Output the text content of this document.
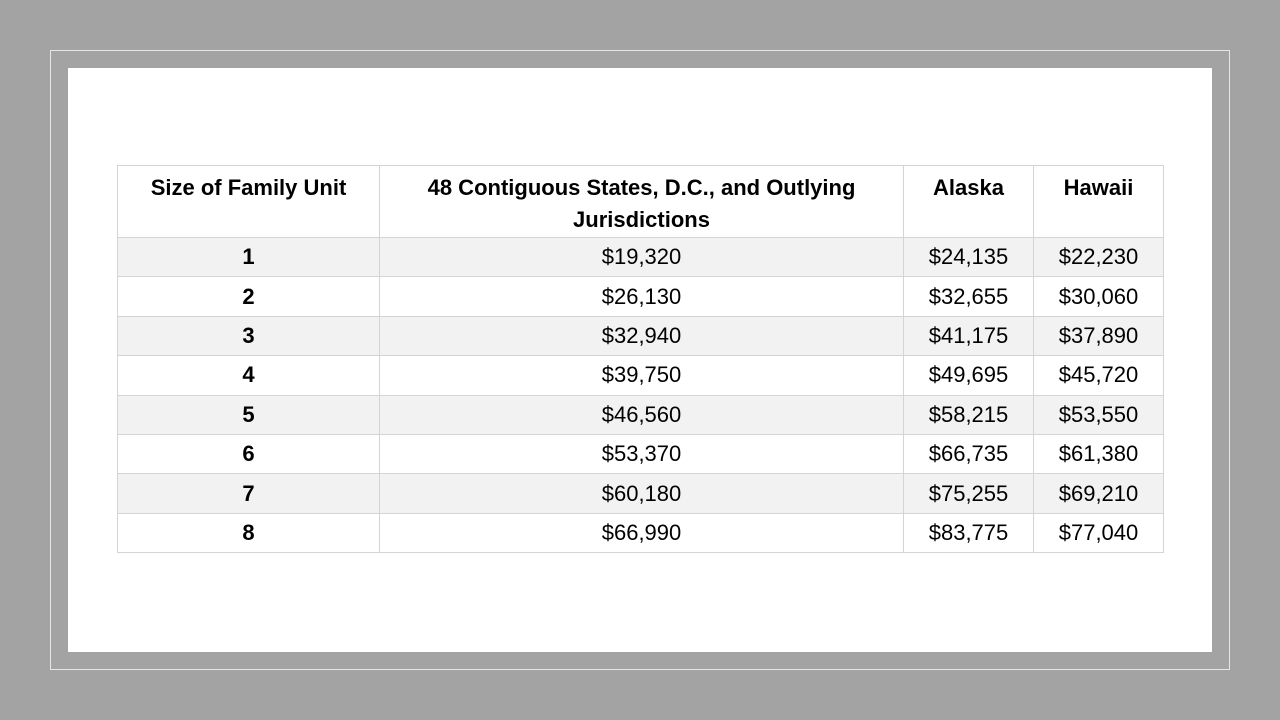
Size of Family Unit	48 Contiguous States, D.C., and Outlying Jurisdictions	Alaska	Hawaii
1	$19,320	$24,135	$22,230
2	$26,130	$32,655	$30,060
3	$32,940	$41,175	$37,890
4	$39,750	$49,695	$45,720
5	$46,560	$58,215	$53,550
6	$53,370	$66,735	$61,380
7	$60,180	$75,255	$69,210
8	$66,990	$83,775	$77,040
